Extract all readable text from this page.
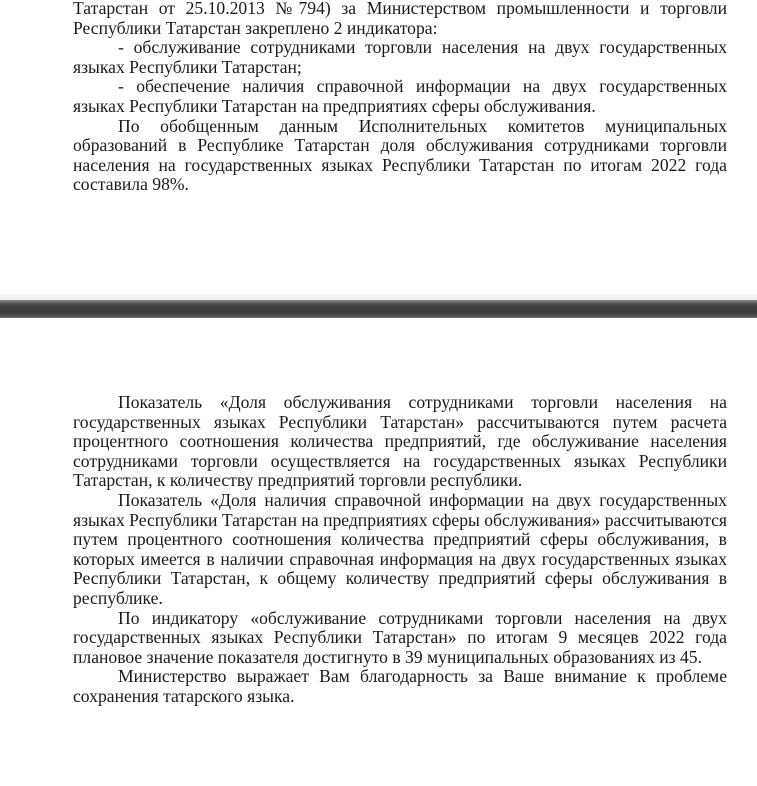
Татарстан от 25.10.2013 №794) за Министерством промышленности и торговли Республики Татарстан закреплено 2 индикатора:

- обслуживание сотрудниками торговли населения на двух государственных языках Республики Татарстан;

- обеспечение наличия справочной информации на двух государственных языках Республики Татарстан на предприятиях сферы обслуживания.

По обобщенным данным Исполнительных комитетов муниципальных образований в Республике Татарстан доля обслуживания сотрудниками торговли населения на государственных языках Республики Татарстан по итогам 2022 года составила 98%.

Показатель «Доля обслуживания сотрудниками торговли населения на государственных языках Республики Татарстан» рассчитываются путем расчета процентного соотношения количества предприятий, где обслуживание населения сотрудниками торговли осуществляется на государственных языках Республики Татарстан, к количеству предприятий торговли республики.

Показатель «Доля наличия справочной информации на двух государственных языках Республики Татарстан на предприятиях сферы обслуживания» рассчитываются путем процентного соотношения количества предприятий сферы обслуживания, в которых имеется в наличии справочная информация на двух государственных языках Республики Татарстан, к общему количеству предприятий сферы обслуживания в республике.

По индикатору «обслуживание сотрудниками торговли населения на двух государственных языках Республики Татарстан» по итогам 9 месяцев 2022 года плановое значение показателя достигнуто в 39 муниципальных образованиях из 45.

Министерство выражает Вам благодарность за Ваше внимание к проблеме сохранения татарского языка.
